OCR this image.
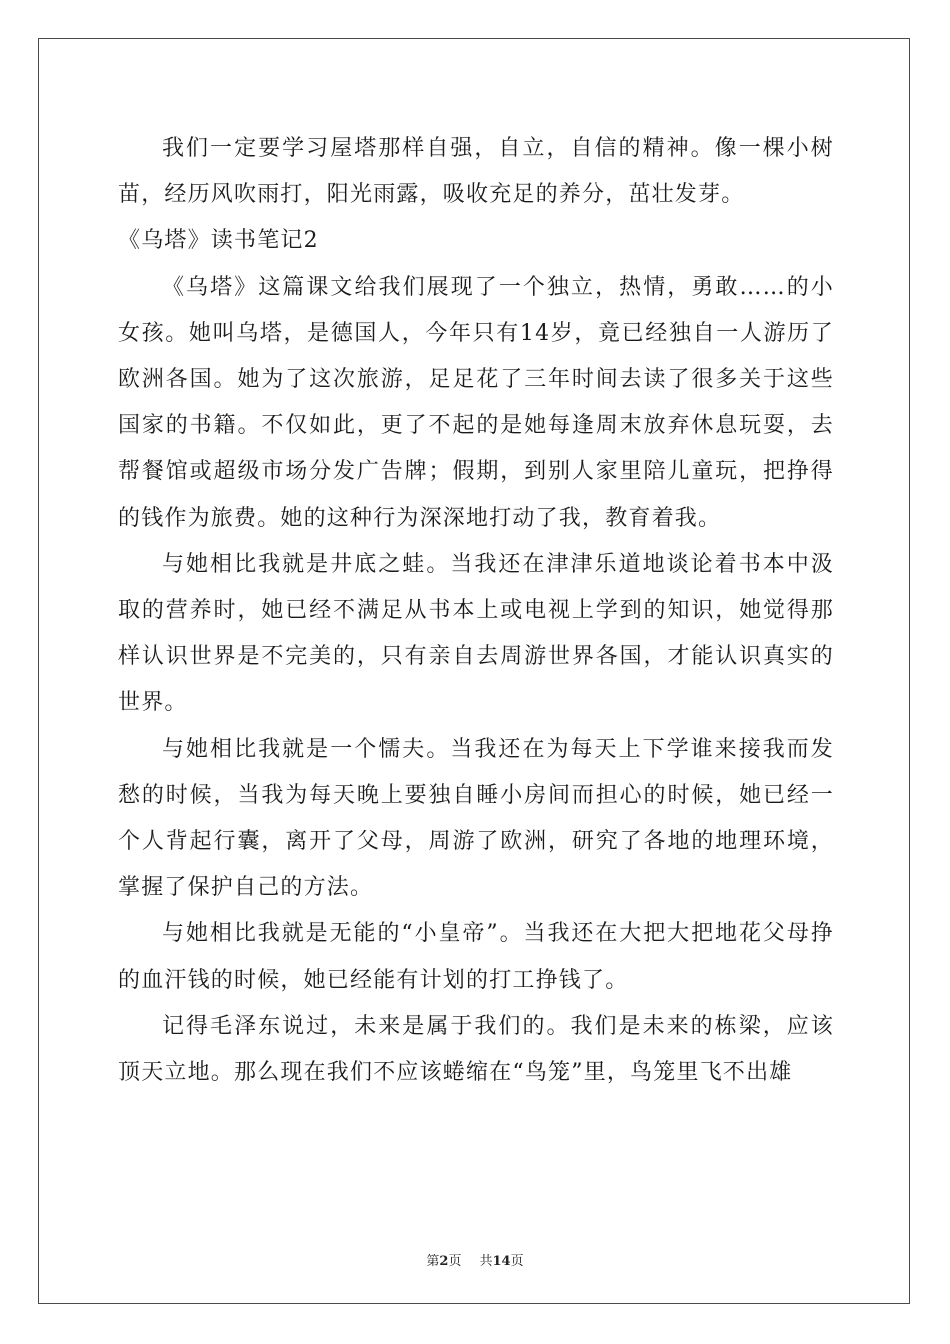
我们一定要学习屋塔那样自强，自立，自信的精神。像一棵小树苗，经历风吹雨打，阳光雨露，吸收充足的养分，茁壮发芽。

《乌塔》读书笔记2

《乌塔》这篇课文给我们展现了一个独立，热情，勇敢……的小女孩。她叫乌塔，是德国人，今年只有14岁，竟已经独自一人游历了欧洲各国。她为了这次旅游，足足花了三年时间去读了很多关于这些国家的书籍。不仅如此，更了不起的是她每逢周末放弃休息玩耍，去帮餐馆或超级市场分发广告牌；假期，到别人家里陪儿童玩，把挣得的钱作为旅费。她的这种行为深深地打动了我，教育着我。

与她相比我就是井底之蛙。当我还在津津乐道地谈论着书本中汲取的营养时，她已经不满足从书本上或电视上学到的知识，她觉得那样认识世界是不完美的，只有亲自去周游世界各国，才能认识真实的世界。

与她相比我就是一个懦夫。当我还在为每天上下学谁来接我而发愁的时候，当我为每天晚上要独自睡小房间而担心的时候，她已经一个人背起行囊，离开了父母，周游了欧洲，研究了各地的地理环境，掌握了保护自己的方法。

与她相比我就是无能的“小皇帝”。当我还在大把大把地花父母挣的血汗钱的时候，她已经能有计划的打工挣钱了。

记得毛泽东说过，未来是属于我们的。我们是未来的栋梁，应该顶天立地。那么现在我们不应该蜷缩在“鸟笼”里，鸟笼里飞不出雄

第2页 共14页
